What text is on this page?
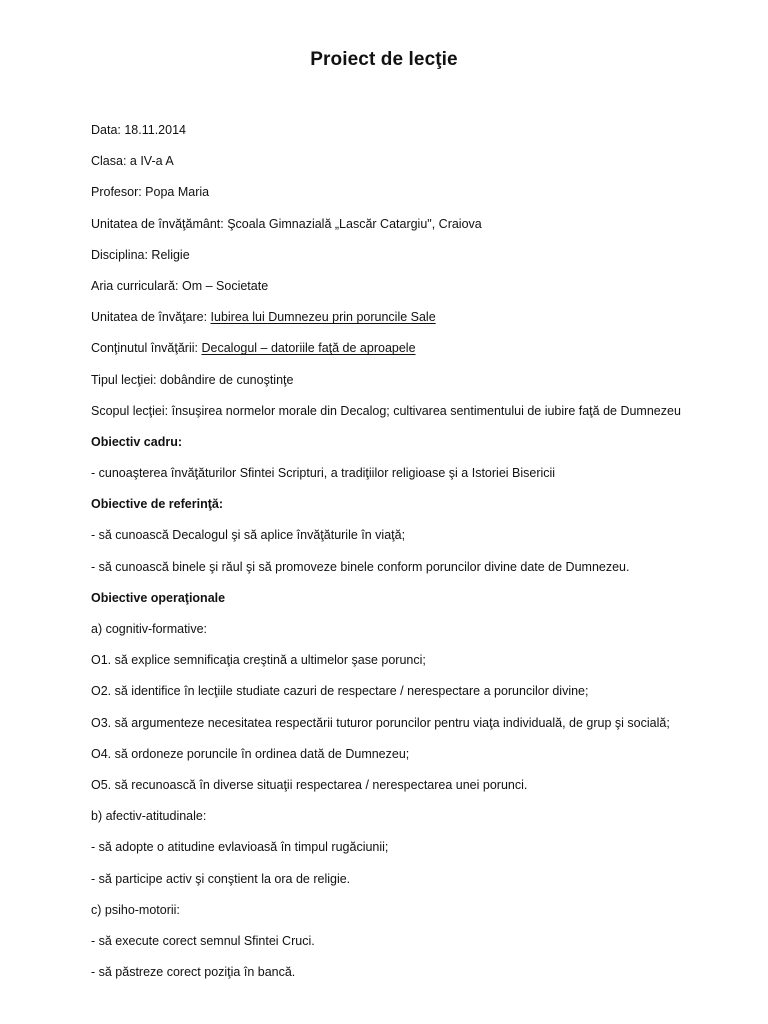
Proiect de lecţie
Data: 18.11.2014
Clasa: a IV-a A
Profesor: Popa Maria
Unitatea de învăţământ: Şcoala Gimnazială „Lascăr Catargiu", Craiova
Disciplina: Religie
Aria curriculară: Om – Societate
Unitatea de învăţare: Iubirea lui Dumnezeu prin poruncile Sale
Conţinutul învăţării: Decalogul – datoriile faţă de aproapele
Tipul lecţiei: dobândire de cunoştinţe
Scopul lecţiei: însuşirea normelor morale din Decalog; cultivarea sentimentului de iubire faţă de Dumnezeu
Obiectiv cadru:
- cunoaşterea învăţăturilor Sfintei Scripturi, a tradiţiilor religioase şi a Istoriei Bisericii
Obiective de referinţă:
- să cunoască Decalogul şi să aplice învăţăturile în viaţă;
- să cunoască binele şi răul şi să promoveze binele conform poruncilor divine date de Dumnezeu.
Obiective operaţionale
a) cognitiv-formative:
O1. să explice semnificaţia creştină a ultimelor şase porunci;
O2. să identifice în lecţiile studiate cazuri de respectare / nerespectare a poruncilor divine;
O3. să argumenteze necesitatea respectării tuturor poruncilor pentru viaţa individuală, de grup şi socială;
O4. să ordoneze poruncile în ordinea dată de Dumnezeu;
O5. să recunoască în diverse situaţii respectarea / nerespectarea unei porunci.
b) afectiv-atitudinale:
- să adopte o atitudine evlavioasă în timpul rugăciunii;
- să participe activ şi conştient la ora de religie.
c) psiho-motorii:
- să execute corect semnul Sfintei Cruci.
- să păstreze corect poziţia în bancă.
